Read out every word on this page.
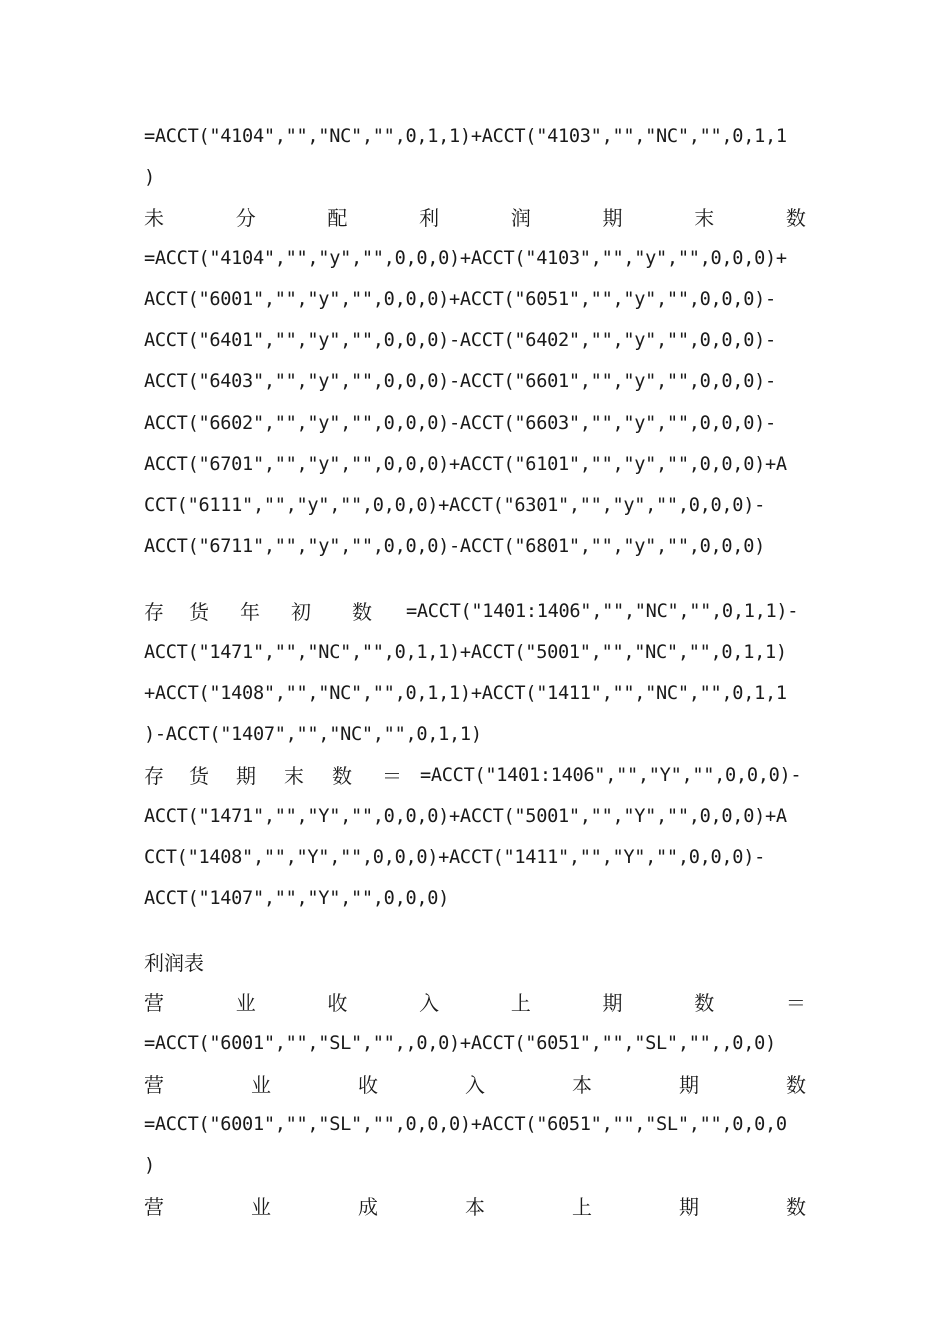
=ACCT("4104","","NC","",0,1,1)+ACCT("4103","","NC","",0,1,1
)
未	分	配	利	润	期	末	数
=ACCT("4104","","y","",0,0,0)+ACCT("4103","","y","",0,0,0)+
ACCT("6001","","y","",0,0,0)+ACCT("6051","","y","",0,0,0)-
ACCT("6401","","y","",0,0,0)-ACCT("6402","","y","",0,0,0)-
ACCT("6403","","y","",0,0,0)-ACCT("6601","","y","",0,0,0)-
ACCT("6602","","y","",0,0,0)-ACCT("6603","","y","",0,0,0)-
ACCT("6701","","y","",0,0,0)+ACCT("6101","","y","",0,0,0)+A
CCT("6111","","y","",0,0,0)+ACCT("6301","","y","",0,0,0)-
ACCT("6711","","y","",0,0,0)-ACCT("6801","","y","",0,0,0)
存 货 年 初 数 =ACCT("1401:1406","","NC","",0,1,1)-
ACCT("1471","","NC","",0,1,1)+ACCT("5001","","NC","",0,1,1)
+ACCT("1408","","NC","",0,1,1)+ACCT("1411","","NC","",0,1,1
)-ACCT("1407","","NC","",0,1,1)
存 货 期 末 数 ＝ =ACCT("1401:1406","","Y","",0,0,0)-
ACCT("1471","","Y","",0,0,0)+ACCT("5001","","Y","",0,0,0)+A
CCT("1408","","Y","",0,0,0)+ACCT("1411","","Y","",0,0,0)-
ACCT("1407","","Y","",0,0,0)
利润表
营	业	收	入	上	期	数	＝
=ACCT("6001","","SL","",,0,0)+ACCT("6051","","SL","",,0,0)
营	业	收	入	本	期	数
=ACCT("6001","","SL","",0,0,0)+ACCT("6051","","SL","",0,0,0
)
营	业	成	本	上	期	数
